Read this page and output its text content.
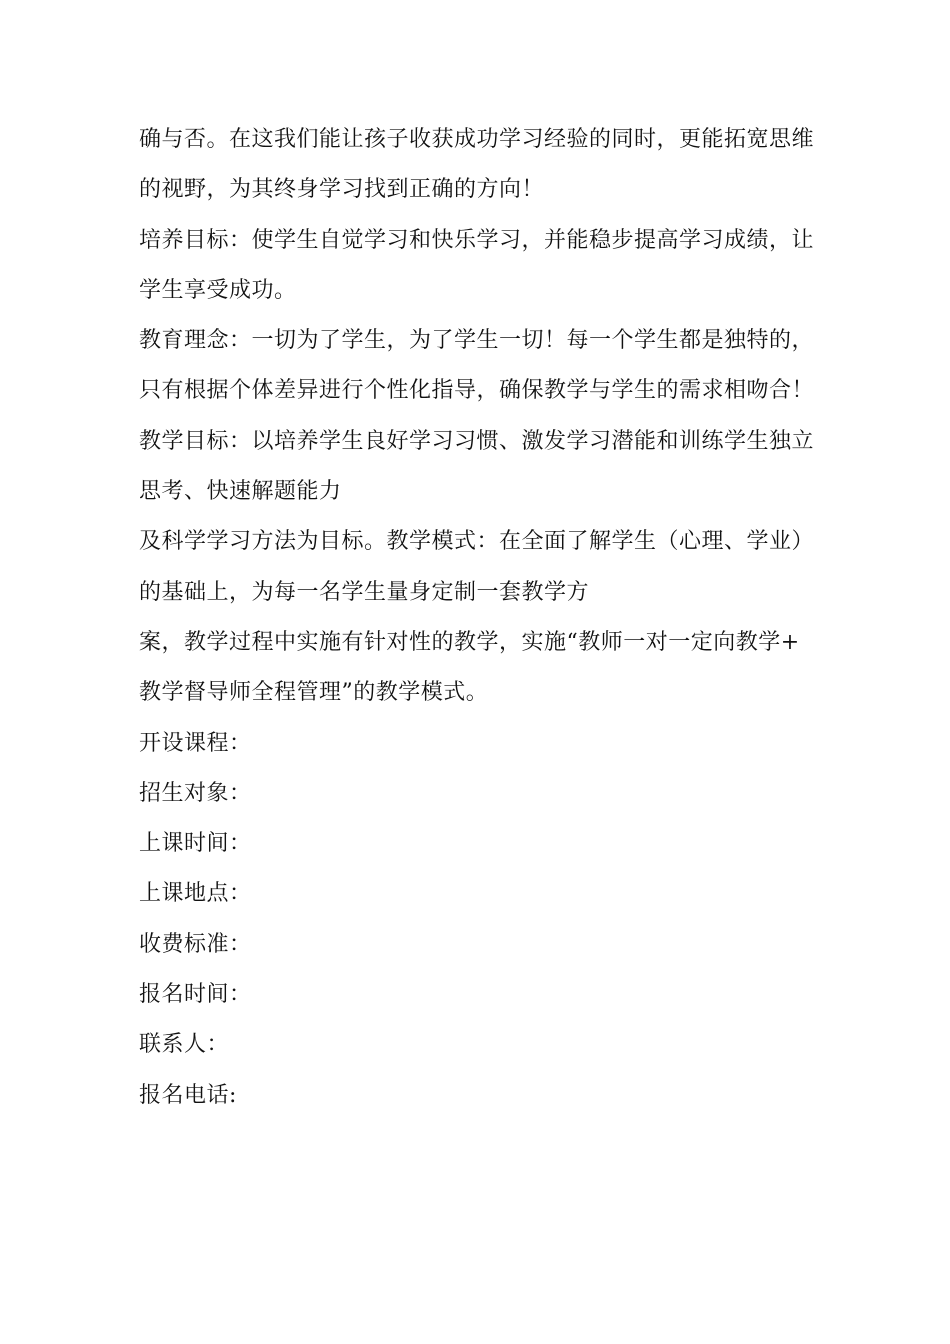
确与否。在这我们能让孩子收获成功学习经验的同时，更能拓宽思维

的视野，为其终身学习找到正确的方向！

培养目标：使学生自觉学习和快乐学习，并能稳步提高学习成绩，让

学生享受成功。

教育理念：一切为了学生，为了学生一切！每一个学生都是独特的，

只有根据个体差异进行个性化指导，确保教学与学生的需求相吻合！

教学目标：以培养学生良好学习习惯、激发学习潜能和训练学生独立

思考、快速解题能力

及科学学习方法为目标。教学模式：在全面了解学生（心理、学业）

的基础上，为每一名学生量身定制一套教学方

案，教学过程中实施有针对性的教学，实施“教师一对一定向教学+

教学督导师全程管理”的教学模式。

开设课程：

招生对象：

上课时间：

上课地点：

收费标准：

报名时间：

联系人：

报名电话:
